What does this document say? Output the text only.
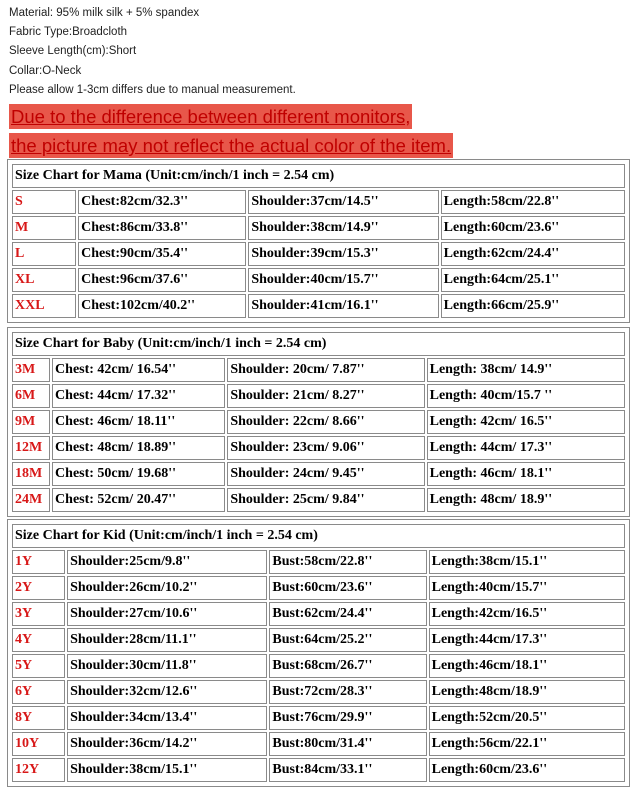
Material: 95% milk silk + 5% spandex
Fabric Type:Broadcloth
Sleeve Length(cm):Short
Collar:O-Neck
Please allow 1-3cm differs due to manual measurement.
Due to the difference between different monitors,
the picture may not reflect the actual color of the item.
Size Chart for Mama (Unit:cm/inch/1 inch = 2.54 cm)			
S	Chest:82cm/32.3''	Shoulder:37cm/14.5''	Length:58cm/22.8''
M	Chest:86cm/33.8''	Shoulder:38cm/14.9''	Length:60cm/23.6''
L	Chest:90cm/35.4''	Shoulder:39cm/15.3''	Length:62cm/24.4''
XL	Chest:96cm/37.6''	Shoulder:40cm/15.7''	Length:64cm/25.1''
XXL	Chest:102cm/40.2''	Shoulder:41cm/16.1''	Length:66cm/25.9''
Size Chart for Baby (Unit:cm/inch/1 inch = 2.54 cm)			
3M	Chest: 42cm/ 16.54''	Shoulder: 20cm/ 7.87''	Length: 38cm/ 14.9''
6M	Chest: 44cm/ 17.32''	Shoulder: 21cm/ 8.27''	Length: 40cm/15.7 ''
9M	Chest: 46cm/ 18.11''	Shoulder: 22cm/ 8.66''	Length: 42cm/ 16.5''
12M	Chest: 48cm/ 18.89''	Shoulder: 23cm/ 9.06''	Length: 44cm/ 17.3''
18M	Chest: 50cm/ 19.68''	Shoulder: 24cm/ 9.45''	Length: 46cm/ 18.1''
24M	Chest: 52cm/ 20.47''	Shoulder: 25cm/ 9.84''	Length: 48cm/ 18.9''
Size Chart for Kid (Unit:cm/inch/1 inch = 2.54 cm)			
1Y	Shoulder:25cm/9.8''	Bust:58cm/22.8''	Length:38cm/15.1''
2Y	Shoulder:26cm/10.2''	Bust:60cm/23.6''	Length:40cm/15.7''
3Y	Shoulder:27cm/10.6''	Bust:62cm/24.4''	Length:42cm/16.5''
4Y	Shoulder:28cm/11.1''	Bust:64cm/25.2''	Length:44cm/17.3''
5Y	Shoulder:30cm/11.8''	Bust:68cm/26.7''	Length:46cm/18.1''
6Y	Shoulder:32cm/12.6''	Bust:72cm/28.3''	Length:48cm/18.9''
8Y	Shoulder:34cm/13.4''	Bust:76cm/29.9''	Length:52cm/20.5''
10Y	Shoulder:36cm/14.2''	Bust:80cm/31.4''	Length:56cm/22.1''
12Y	Shoulder:38cm/15.1''	Bust:84cm/33.1''	Length:60cm/23.6''
